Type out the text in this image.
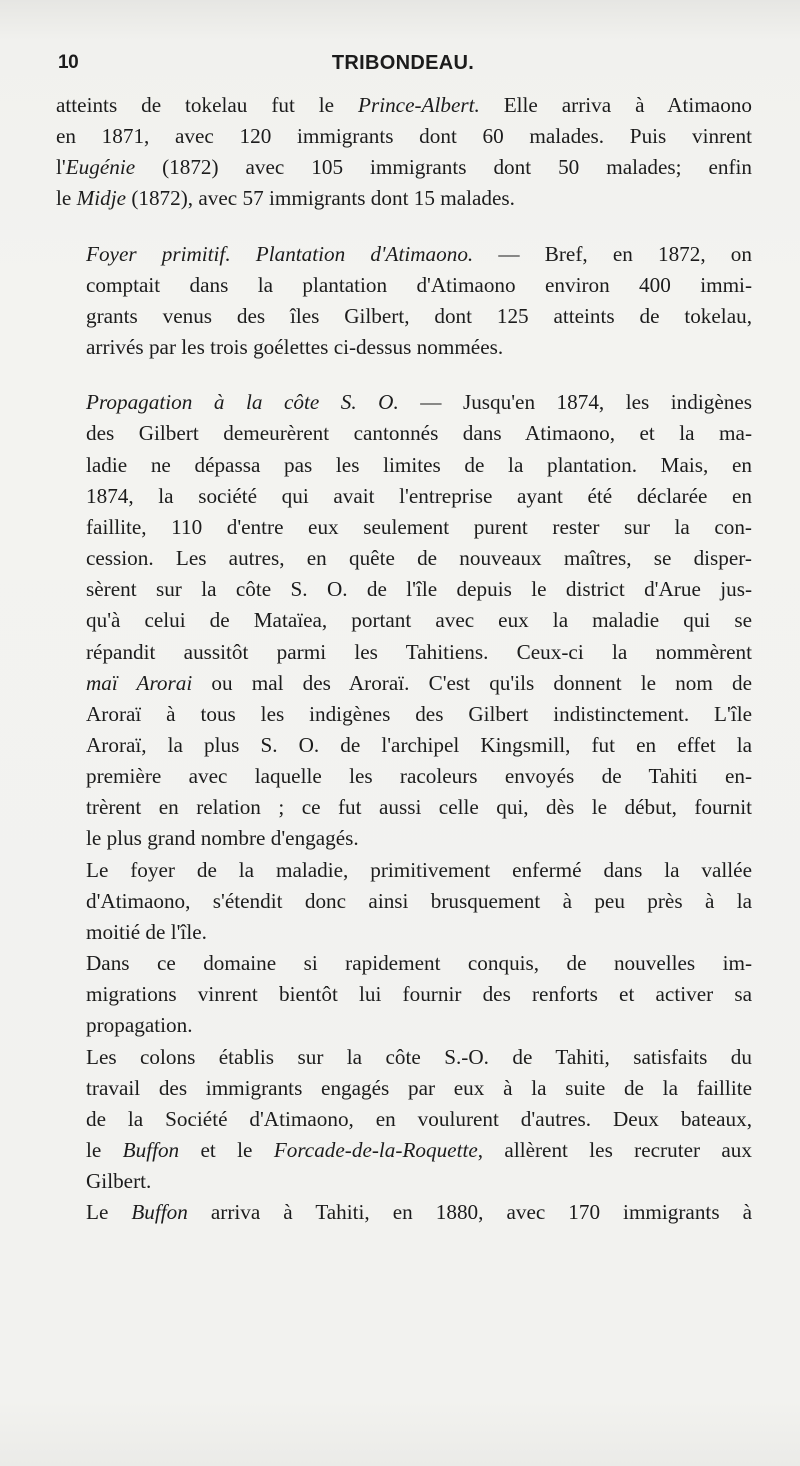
10	TRIBONDEAU.

atteints de tokelau fut le Prince-Albert. Elle arriva à Atimaono
en 1871, avec 120 immigrants dont 60 malades. Puis vinrent
l'Eugénie (1872) avec 105 immigrants dont 50 malades; enfin
le Midje (1872), avec 57 immigrants dont 15 malades.

Foyer primitif. Plantation d'Atimaono. — Bref, en 1872, on
comptait dans la plantation d'Atimaono environ 400 immi-
grants venus des îles Gilbert, dont 125 atteints de tokelau,
arrivés par les trois goélettes ci-dessus nommées.

Propagation à la côte S. O. — Jusqu'en 1874, les indigènes
des Gilbert demeurèrent cantonnés dans Atimaono, et la ma-
ladie ne dépassa pas les limites de la plantation. Mais, en
1874, la société qui avait l'entreprise ayant été déclarée en
faillite, 110 d'entre eux seulement purent rester sur la con-
cession. Les autres, en quête de nouveaux maîtres, se disper-
sèrent sur la côte S. O. de l'île depuis le district d'Arue jus-
qu'à celui de Mataïea, portant avec eux la maladie qui se
répandit aussitôt parmi les Tahitiens. Ceux-ci la nommèrent
maï Arorai ou mal des Aroraï. C'est qu'ils donnent le nom de
Aroraï à tous les indigènes des Gilbert indistinctement. L'île
Aroraï, la plus S. O. de l'archipel Kingsmill, fut en effet la
première avec laquelle les racoleurs envoyés de Tahiti en-
trèrent en relation ; ce fut aussi celle qui, dès le début, fournit
le plus grand nombre d'engagés.

Le foyer de la maladie, primitivement enfermé dans la vallée
d'Atimaono, s'étendit donc ainsi brusquement à peu près à la
moitié de l'île.

Dans ce domaine si rapidement conquis, de nouvelles im-
migrations vinrent bientôt lui fournir des renforts et activer sa
propagation.

Les colons établis sur la côte S.-O. de Tahiti, satisfaits du
travail des immigrants engagés par eux à la suite de la faillite
de la Société d'Atimaono, en voulurent d'autres. Deux bateaux,
le Buffon et le Forcade-de-la-Roquette, allèrent les recruter aux
Gilbert.

Le Buffon arriva à Tahiti, en 1880, avec 170 immigrants à
